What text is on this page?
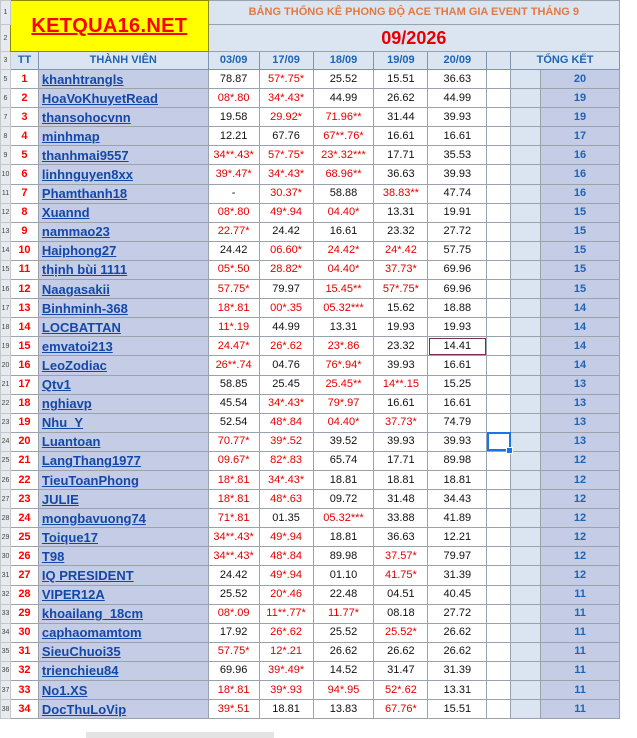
1	KETQUA16.NET		BẢNG THỐNG KÊ PHONG ĐỘ ACE THAM GIA EVENT THÁNG 9							
2			09/2026							
3	TT	THÀNH VIÊN	03/09	17/09	18/09	19/09	20/09		TỔNG KẾT	
5	1	khanhtrangls	78.87	57*.75*	25.52	15.51	36.63			20
6	2	HoaVoKhuyetRead	08*.80	34*.43*	44.99	26.62	44.99			19
7	3	thansohocvnn	19.58	29.92*	71.96**	31.44	39.93			19
8	4	minhmap	12.21	67.76	67**.76*	16.61	16.61			17
9	5	thanhmai9557	34**.43*	57*.75*	23*.32***	17.71	35.53			16
10	6	linhnguyen8xx	39*.47*	34*.43*	68.96**	36.63	39.93			16
11	7	Phamthanh18	-	30.37*	58.88	38.83**	47.74			16
12	8	Xuannd	08*.80	49*.94	04.40*	13.31	19.91			15
13	9	nammao23	22.77*	24.42	16.61	23.32	27.72			15
14	10	Haiphong27	24.42	06.60*	24.42*	24*.42	57.75			15
15	11	thịnh bùi 1111	05*.50	28.82*	04.40*	37.73*	69.96			15
16	12	Naagasakii	57.75*	79.97	15.45**	57*.75*	69.96			15
17	13	Binhminh-368	18*.81	00*.35	05.32***	15.62	18.88			14
18	14	LOCBATTAN	11*.19	44.99	13.31	19.93	19.93			14
19	15	emvatoi213	24.47*	26*.62	23*.86	23.32	14.41			14
20	16	LeoZodiac	26**.74	04.76	76*.94*	39.93	16.61			14
21	17	Qtv1	58.85	25.45	25.45**	14**.15	15.25			13
22	18	nghiavp	45.54	34*.43*	79*.97	16.61	16.61			13
23	19	Nhu_Y	52.54	48*.84	04.40*	37.73*	74.79			13
24	20	Luantoan	70.77*	39*.52	39.52	39.93	39.93			13
25	21	LangThang1977	09.67*	82*.83	65.74	17.71	89.98			12
26	22	TieuToanPhong	18*.81	34*.43*	18.81	18.81	18.81			12
27	23	JULIE	18*.81	48*.63	09.72	31.48	34.43			12
28	24	mongbavuong74	71*.81	01.35	05.32***	33.88	41.89			12
29	25	Toique17	34**.43*	49*.94	18.81	36.63	12.21			12
30	26	T98	34**.43*	48*.84	89.98	37.57*	79.97			12
31	27	IQ PRESIDENT	24.42	49*.94	01.10	41.75*	31.39			12
32	28	VIPER12A	25.52	20*.46	22.48	04.51	40.45			11
33	29	khoailang_18cm	08*.09	11**.77*	11.77*	08.18	27.72			11
34	30	caphaomamtom	17.92	26*.62	25.52	25.52*	26.62			11
35	31	SieuChuoi35	57.75*	12*.21	26.62	26.62	26.62			11
36	32	trienchieu84	69.96	39*.49*	14.52	31.47	31.39			11
37	33	No1.XS	18*.81	39*.93	94*.95	52*.62	13.31			11
38	34	DocThuLoVip	39*.51	18.81	13.83	67.76*	15.51			11
